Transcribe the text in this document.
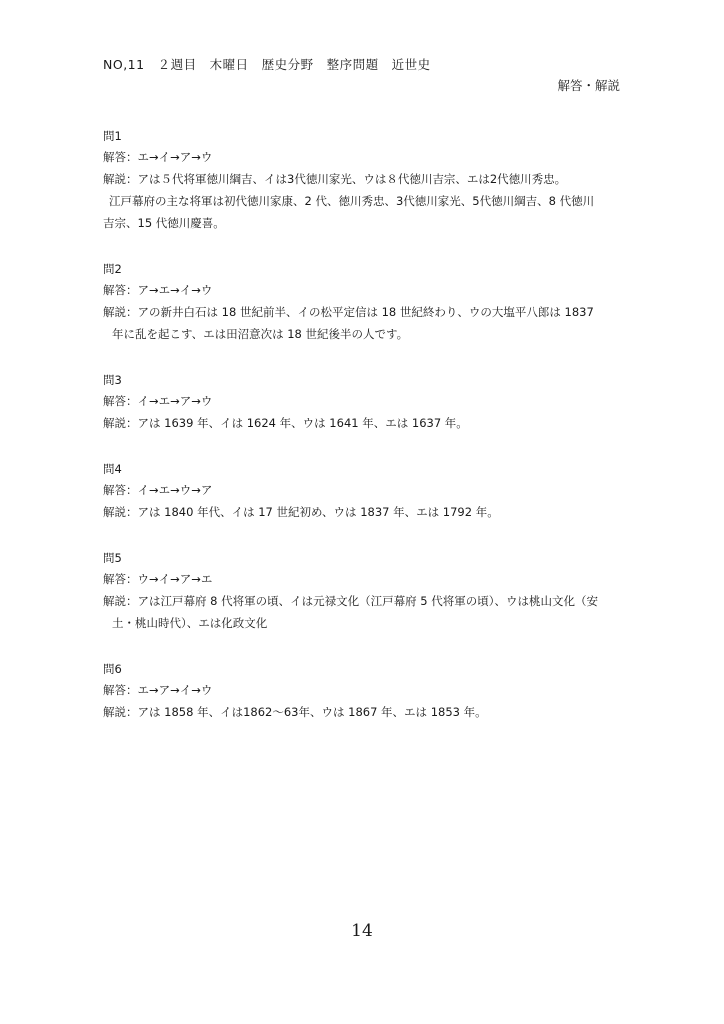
NO,11　２週目　木曜日　歴史分野　整序問題　近世史
解答・解説
問1
解答：エ→イ→ア→ウ
解説：アは５代将軍徳川綱吉、イは3代徳川家光、ウは８代徳川吉宗、エは2代徳川秀忠。
江戸幕府の主な将軍は初代徳川家康、2 代、徳川秀忠、3代徳川家光、5代徳川綱吉、8 代徳川
吉宗、15 代徳川慶喜。
問2
解答：ア→エ→イ→ウ
解説：アの新井白石は 18 世紀前半、イの松平定信は 18 世紀終わり、ウの大塩平八郎は 1837
年に乱を起こす、エは田沼意次は 18 世紀後半の人です。
問3
解答：イ→エ→ア→ウ
解説：アは 1639 年、イは 1624 年、ウは 1641 年、エは 1637 年。
問4
解答：イ→エ→ウ→ア
解説：アは 1840 年代、イは 17 世紀初め、ウは 1837 年、エは 1792 年。
問5
解答：ウ→イ→ア→エ
解説：アは江戸幕府 8 代将軍の頃、イは元禄文化（江戸幕府 5 代将軍の頃）、ウは桃山文化（安
土・桃山時代）、エは化政文化
問6
解答：エ→ア→イ→ウ
解説：アは 1858 年、イは1862～63年、ウは 1867 年、エは 1853 年。
14
